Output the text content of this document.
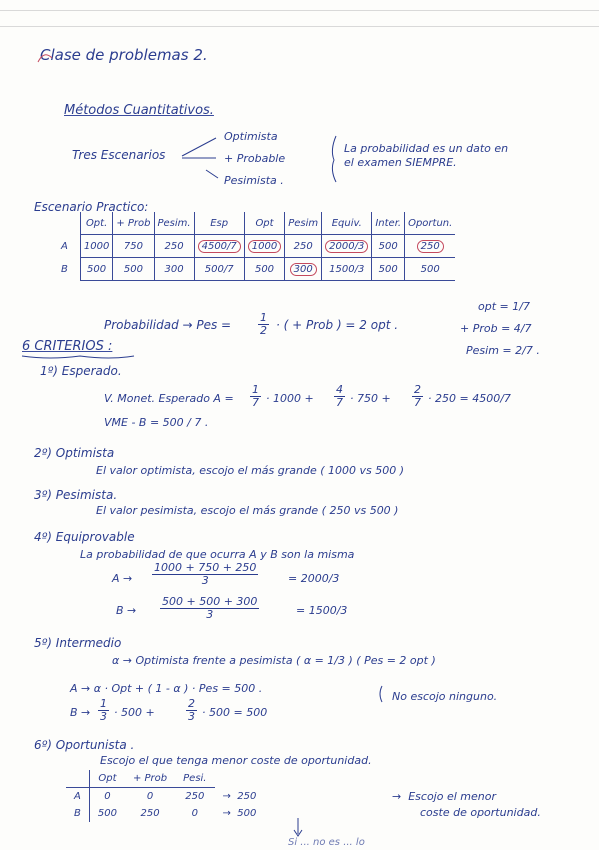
Clase de problemas 2.
Métodos Cuantitativos.
Tres Escenarios
Optimista
+ Probable
Pesimista .
La probabilidad es un dato en
el examen SIEMPRE.
Escenario Practico:
	Opt.	+ Prob	Pesim.	Esp	Opt	Pesim	Equiv.	Inter.	Oportun.
A	1000	750	250	4500/7	1000	250	2000/3	500	250
B	500	500	300	500/7	500	300	1500/3	500	500
Probabilidad → Pes = $\frac{1}{2}$ · ( + Prob ) = 2 opt .
opt = 1/7
+ Prob = 4/7
Pesim = 2/7 .
6 CRITERIOS :
1º) Esperado.
V. Monet. Esperado $A = \frac{1}{7} \cdot 1000 + \frac{4}{7} \cdot 750 + \frac{2}{7} \cdot 250 = 4500/7$
VME - B = 500 / 7 .
2º) Optimista
El valor optimista, escojo el más grande ( 1000 vs 500 )
3º) Pesimista.
El valor pesimista, escojo el más grande ( 250 vs 500 )
4º) Equiprovable
La probabilidad de que ocurra A y B son la misma
$A \to \frac{1000 + 750 + 250}{3}$	= 2000/3
$B \to \frac{500 + 500 + 300}{3}$	= 1500/3
5º) Intermedio
α → Optimista frente a pesimista ( α = 1/3 ) ( Pes = 2 opt )
A → α · Opt + ( 1 - α ) · Pes = 500 .
$B \to \frac{1}{3} \cdot 500$ +	$\frac{2}{3} \cdot 500 = 500$
No escojo ninguno.
6º) Oportunista .
Escojo el que tenga menor coste de oportunidad.
	Opt	+ Prob	Pesi.	
A	0	0	250	→  250
B	500	250	0	→  500
→  Escojo el menor
coste de oportunidad.
Si ... no es ... lo
